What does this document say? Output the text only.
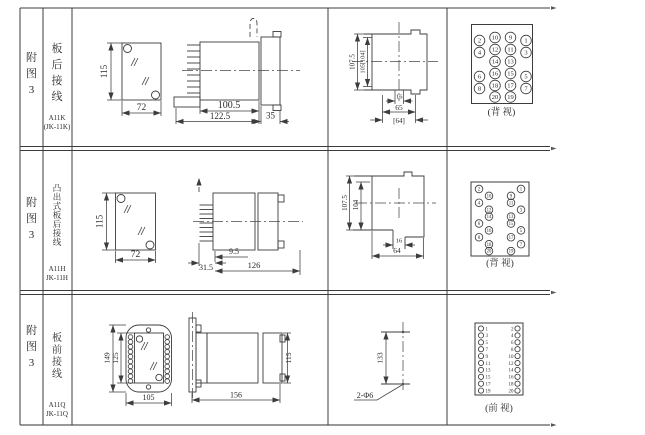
附
图
3
板
后
接
线
A11K
(JK-11K)
115
72	100.5
122.5	35
107.5 105[104]
16
65
[64]
2 10 9 1
4 12 11 3
14 13
6 16 15 5
8 18 17 7
20 19
(背 视)
附
图
3
凸
出
式
板
后
接
线
A11H
JK-11H
115
72	9.5
31.5	126
107.5 104
16
64
2
10
4
12
14
6
16
8
18
20
1
9
11
3
13
15
5
17
7
19
(背 视)
附
图
3
板
前
接
线
A11Q
JK-11Q
149 125
105	156
115	133
2-Φ6
1
3
5
7
9
11
13
15
17
19
2
4
6
8
10
12
14
16
18
20
(前 视)
